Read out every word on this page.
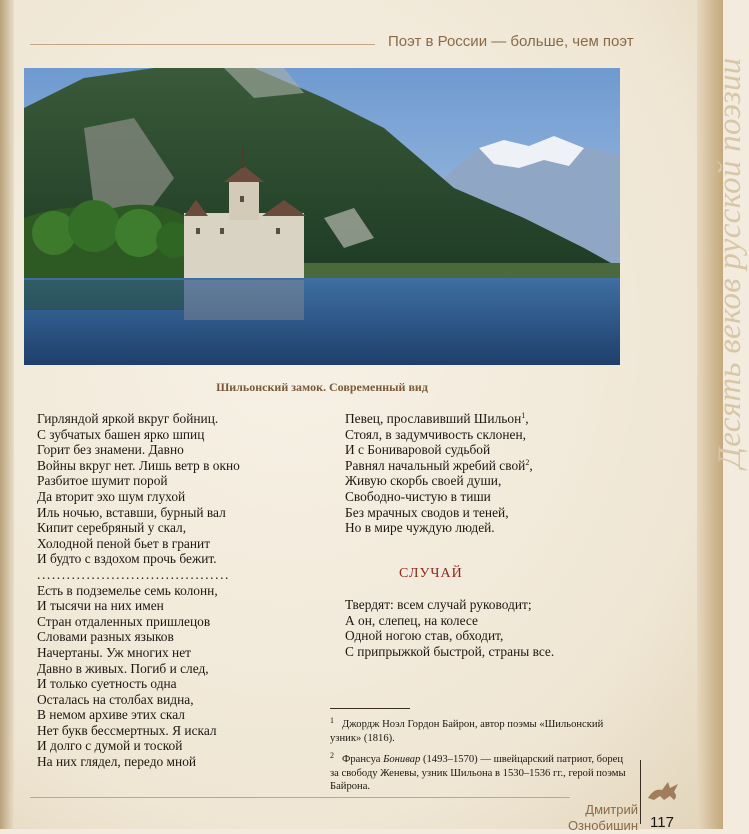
Поэт в России — больше, чем поэт
Десять веков русской поэзии
Шильонский замок. Современный вид
Гирляндой яркой вкруг бойниц.
С зубчатых башен ярко шпиц
Горит без знамени. Давно
Войны вкруг нет. Лишь ветр в окно
Разбитое шумит порой
Да вторит эхо шум глухой
Иль ночью, вставши, бурный вал
Кипит серебряный у скал,
Холодной пеной бьет в гранит
И будто с вздохом прочь бежит.
.......................................
Есть в подземелье семь колонн,
И тысячи на них имен
Стран отдаленных пришлецов
Словами разных языков
Начертаны. Уж многих нет
Давно в живых. Погиб и след,
И только суетность одна
Осталась на столбах видна,
В немом архиве этих скал
Нет букв бессмертных. Я искал
И долго с думой и тоской
На них глядел, передо мной
Певец, прославивший Шильон$^1$,
Стоял, в задумчивость склонен,
И с Бониваровой судьбой
Равнял начальный жребий свой$^2$,
Живую скорбь своей души,
Свободно-чистую в тиши
Без мрачных сводов и теней,
Но в мире чуждую людей.
СЛУЧАЙ
Твердят: всем случай руководит;
А он, слепец, на колесе
Одной ногою став, обходит,
С припрыжкой быстрой, страны все.
$^1$ Джордж Ноэл Гордон Байрон, автор поэмы «Шильонский узник» (1816).
$^2$ Франсуа Бонивар (1493–1570) — швейцарский патриот, борец за свободу Женевы, узник Шильона в 1530–1536 гг., герой поэмы Байрона.
Дмитрий
Ознобишин 117
